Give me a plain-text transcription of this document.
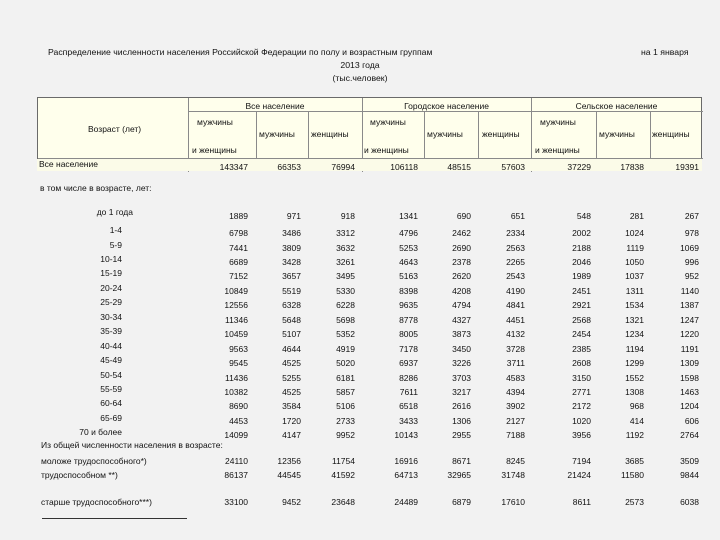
Распределение численности населения Российской Федерации по полу и возрастным группам	на 1 января
2013 года
(тыс.человек)
Возраст (лет)
Все население	Городское население	Сельское население
мужчины
и женщины
мужчины женщины
мужчины
и женщины
мужчины женщины
мужчины
и женщины
мужчины женщины
Все население	143347	66353	76994	106118	48515	57603	37229	17838	19391
в том числе в возрасте, лет:
до 1 года	1889	971	918	1341	690	651	548	281	267
1-4	6798	3486	3312	4796	2462	2334	2002	1024	978
5-9	7441	3809	3632	5253	2690	2563	2188	1119	1069
10-14	6689	3428	3261	4643	2378	2265	2046	1050	996
15-19	7152	3657	3495	5163	2620	2543	1989	1037	952
20-24	10849	5519	5330	8398	4208	4190	2451	1311	1140
25-29	12556	6328	6228	9635	4794	4841	2921	1534	1387
30-34	11346	5648	5698	8778	4327	4451	2568	1321	1247
35-39	10459	5107	5352	8005	3873	4132	2454	1234	1220
40-44	9563	4644	4919	7178	3450	3728	2385	1194	1191
45-49	9545	4525	5020	6937	3226	3711	2608	1299	1309
50-54	11436	5255	6181	8286	3703	4583	3150	1552	1598
55-59	10382	4525	5857	7611	3217	4394	2771	1308	1463
60-64	8690	3584	5106	6518	2616	3902	2172	968	1204
65-69	4453	1720	2733	3433	1306	2127	1020	414	606
70 и более	14099	4147	9952	10143	2955	7188	3956	1192	2764
Из общей численности населения в возрасте:
моложе трудоспособного*)	24110	12356	11754	16916	8671	8245	7194	3685	3509
трудоспособном **)	86137	44545	41592	64713	32965	31748	21424	11580	9844
старше трудоспособного***)	33100	9452	23648	24489	6879	17610	8611	2573	6038
